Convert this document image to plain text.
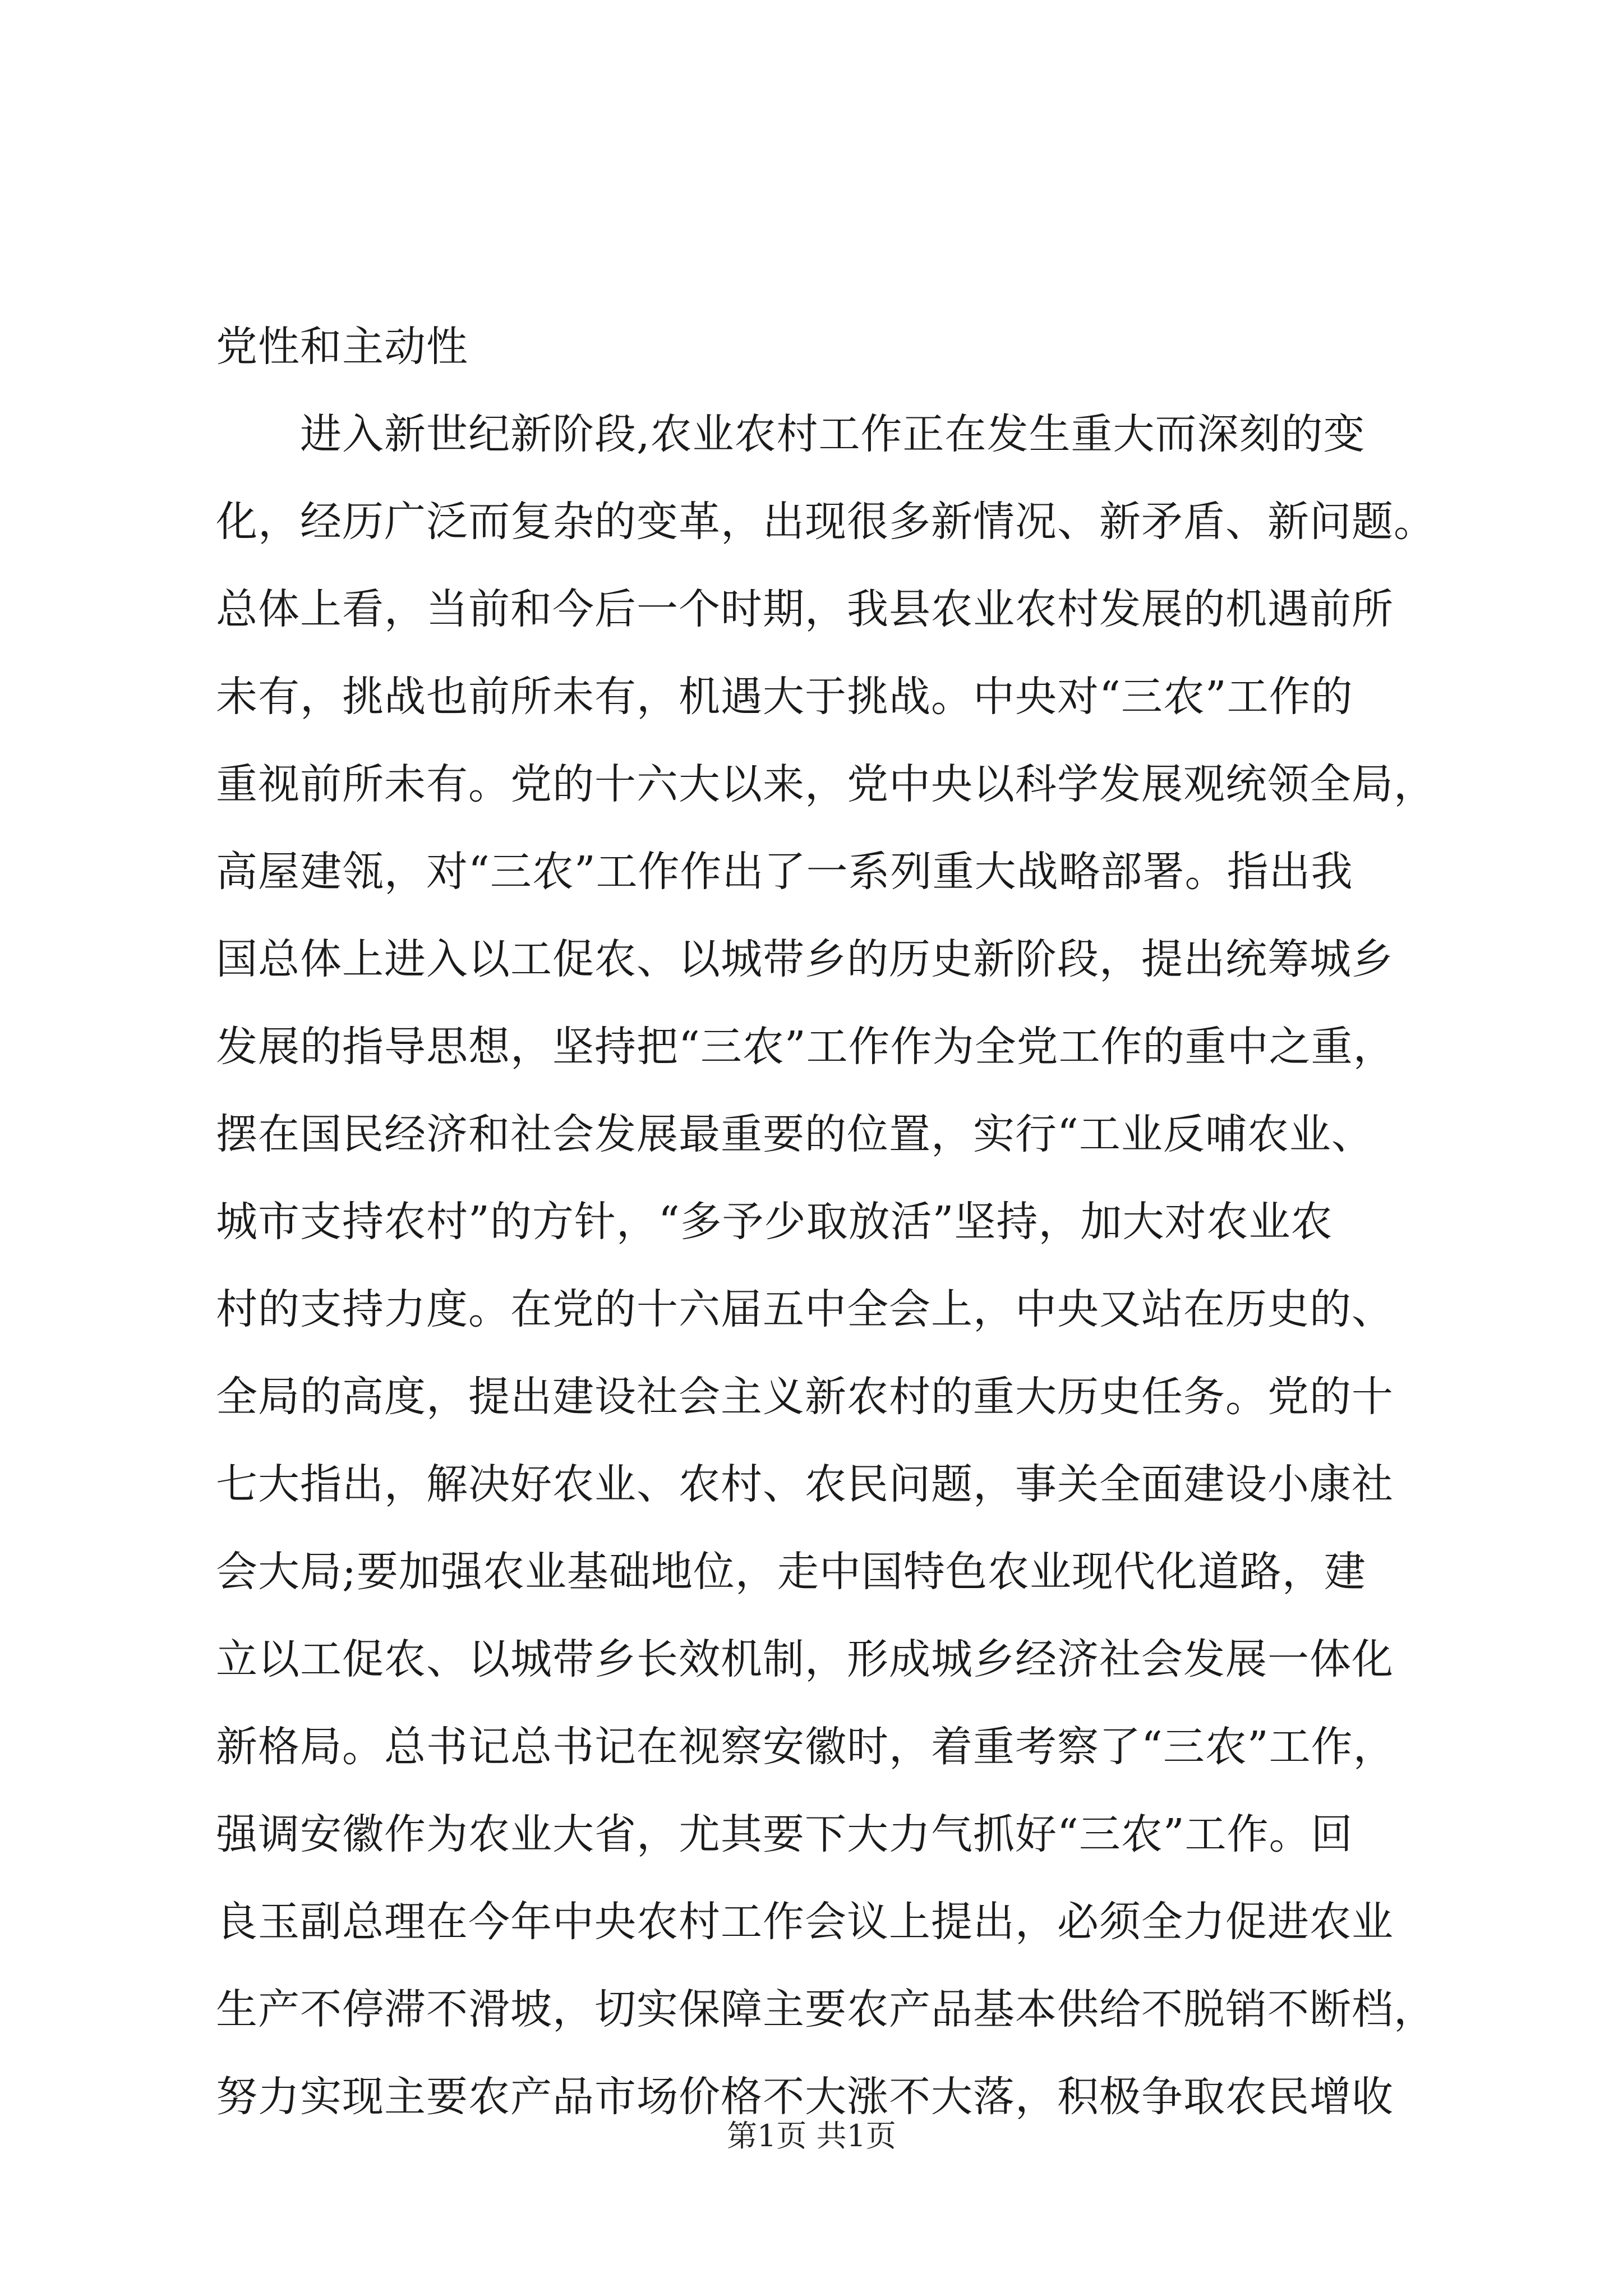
党性和主动性
进入新世纪新阶段,农业农村工作正在发生重大而深刻的变
化，经历广泛而复杂的变革，出现很多新情况、新矛盾、新问题。
总体上看，当前和今后一个时期，我县农业农村发展的机遇前所
未有，挑战也前所未有，机遇大于挑战。中央对“三农”工作的
重视前所未有。党的十六大以来，党中央以科学发展观统领全局，
高屋建瓴，对“三农”工作作出了一系列重大战略部署。指出我
国总体上进入以工促农、以城带乡的历史新阶段，提出统筹城乡
发展的指导思想，坚持把“三农”工作作为全党工作的重中之重，
摆在国民经济和社会发展最重要的位置，实行“工业反哺农业、
城市支持农村”的方针，“多予少取放活”坚持，加大对农业农
村的支持力度。在党的十六届五中全会上，中央又站在历史的、
全局的高度，提出建设社会主义新农村的重大历史任务。党的十
七大指出，解决好农业、农村、农民问题，事关全面建设小康社
会大局;要加强农业基础地位，走中国特色农业现代化道路，建
立以工促农、以城带乡长效机制，形成城乡经济社会发展一体化
新格局。总书记总书记在视察安徽时，着重考察了“三农”工作，
强调安徽作为农业大省，尤其要下大力气抓好“三农”工作。回
良玉副总理在今年中央农村工作会议上提出，必须全力促进农业
生产不停滞不滑坡，切实保障主要农产品基本供给不脱销不断档，
努力实现主要农产品市场价格不大涨不大落，积极争取农民增收
第1页 共1页
